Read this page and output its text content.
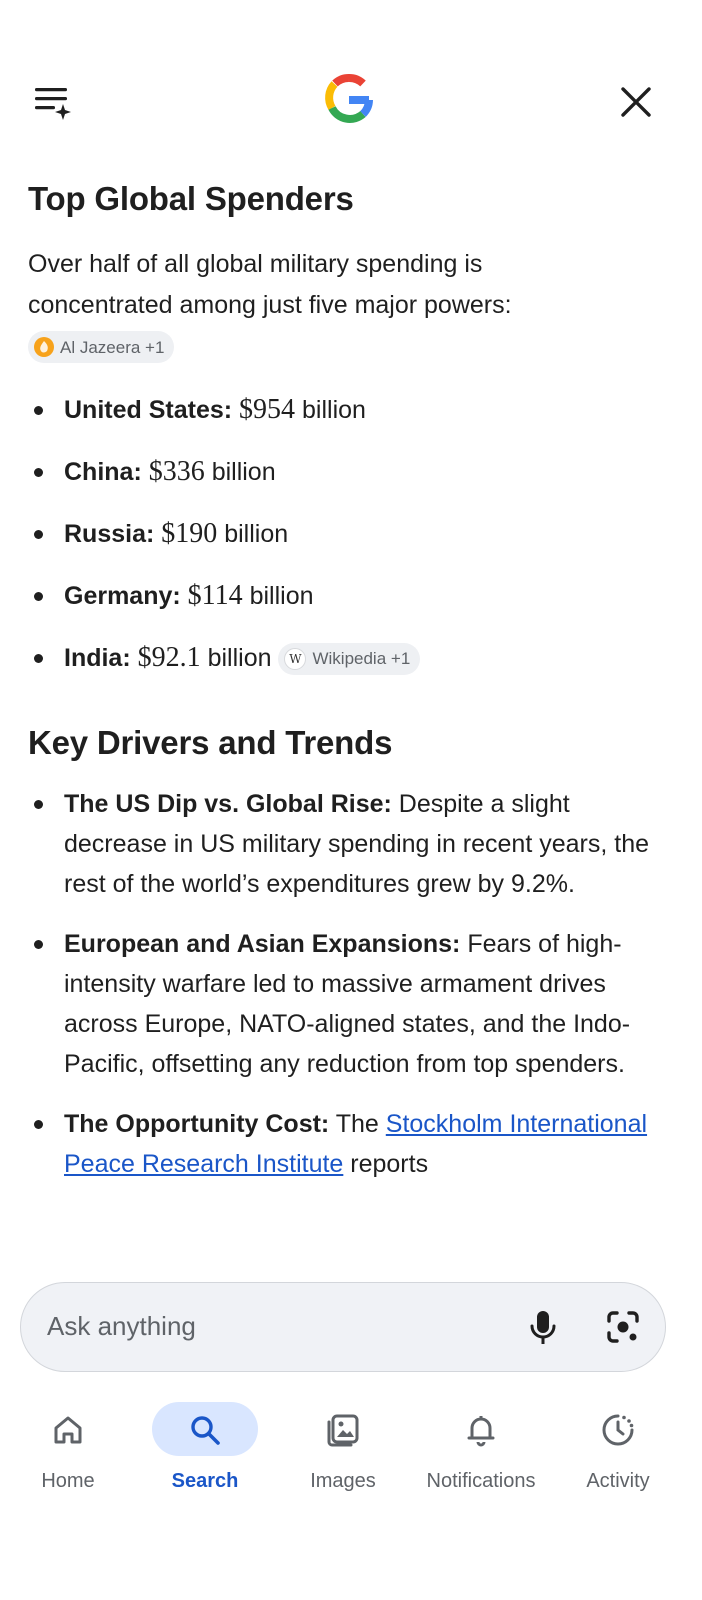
Top Global Spenders
Over half of all global military spending is concentrated among just five major powers:
Al Jazeera +1
United States: $954 billion
China: $336 billion
Russia: $190 billion
Germany: $114 billion
India: $92.1 billion	W Wikipedia +1
Key Drivers and Trends
The US Dip vs. Global Rise: Despite a slight decrease in US military spending in recent years, the rest of the world’s expenditures grew by 9.2%.
European and Asian Expansions: Fears of high-intensity warfare led to massive armament drives across Europe, NATO-aligned states, and the Indo-Pacific, offsetting any reduction from top spenders.
The Opportunity Cost: The Stockholm International Peace Research Institute reports
Ask anything
Home	Search	Images	Notifications	Activity
